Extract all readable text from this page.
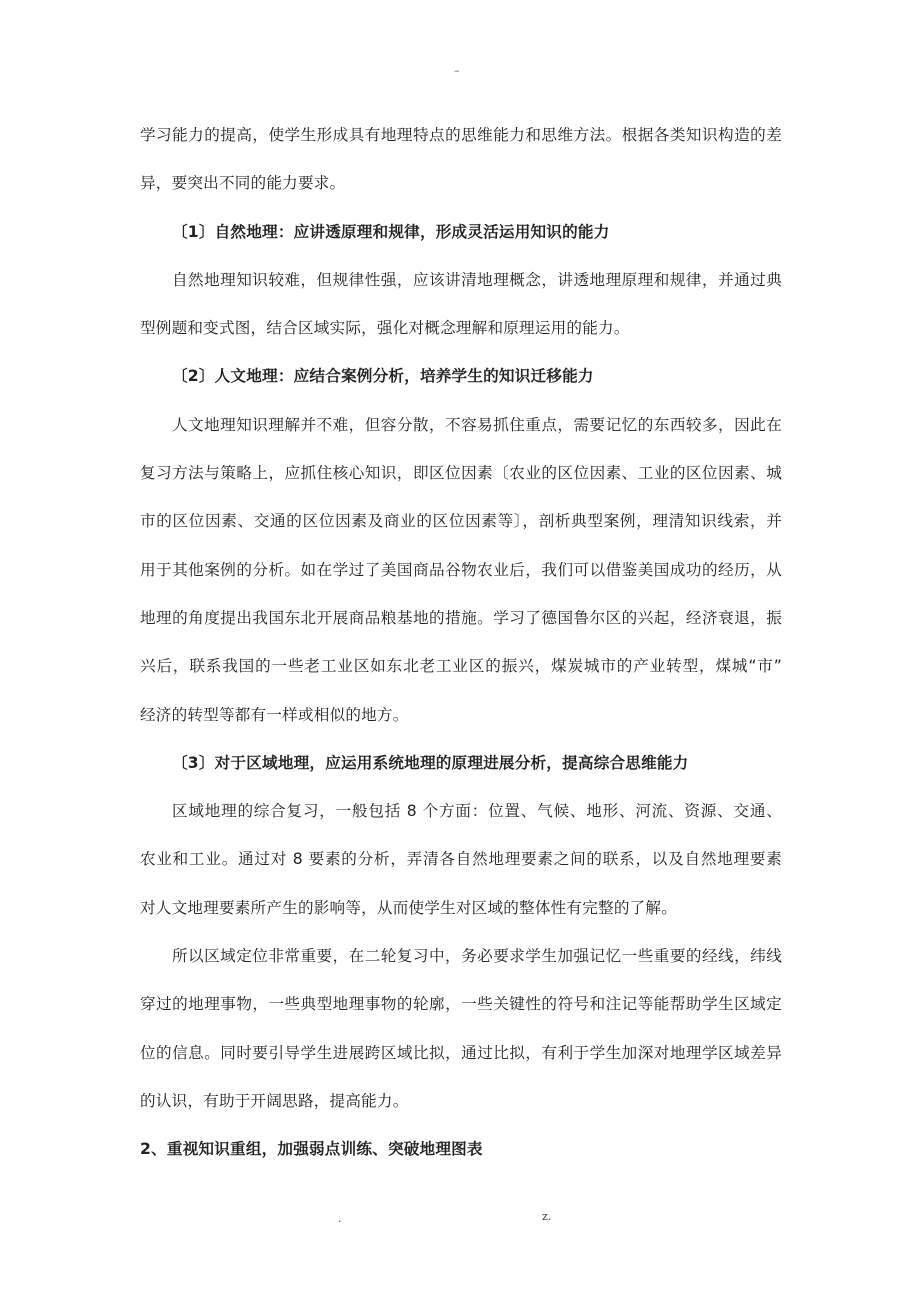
–
学习能力的提高，使学生形成具有地理特点的思维能力和思维方法。根据各类知识构造的差
异，要突出不同的能力要求。
〔1〕自然地理：应讲透原理和规律，形成灵活运用知识的能力
自然地理知识较难，但规律性强，应该讲清地理概念，讲透地理原理和规律，并通过典
型例题和变式图，结合区域实际，强化对概念理解和原理运用的能力。
〔2〕人文地理：应结合案例分析，培养学生的知识迁移能力
人文地理知识理解并不难，但容分散，不容易抓住重点，需要记忆的东西较多，因此在
复习方法与策略上，应抓住核心知识，即区位因素〔农业的区位因素、工业的区位因素、城
市的区位因素、交通的区位因素及商业的区位因素等〕，剖析典型案例，理清知识线索，并
用于其他案例的分析。如在学过了美国商品谷物农业后，我们可以借鉴美国成功的经历，从
地理的角度提出我国东北开展商品粮基地的措施。学习了德国鲁尔区的兴起，经济衰退，振
兴后，联系我国的一些老工业区如东北老工业区的振兴，煤炭城市的产业转型，煤城“市”
经济的转型等都有一样或相似的地方。
〔3〕对于区域地理，应运用系统地理的原理进展分析，提高综合思维能力
区域地理的综合复习，一般包括 8 个方面：位置、气候、地形、河流、资源、交通、
农业和工业。通过对 8 要素的分析，弄清各自然地理要素之间的联系，以及自然地理要素
对人文地理要素所产生的影响等，从而使学生对区域的整体性有完整的了解。
所以区域定位非常重要，在二轮复习中，务必要求学生加强记忆一些重要的经线，纬线
穿过的地理事物，一些典型地理事物的轮廓，一些关键性的符号和注记等能帮助学生区域定
位的信息。同时要引导学生进展跨区域比拟，通过比拟，有利于学生加深对地理学区域差异
的认识，有助于开阔思路，提高能力。
2、重视知识重组，加强弱点训练、突破地理图表
.	z.
